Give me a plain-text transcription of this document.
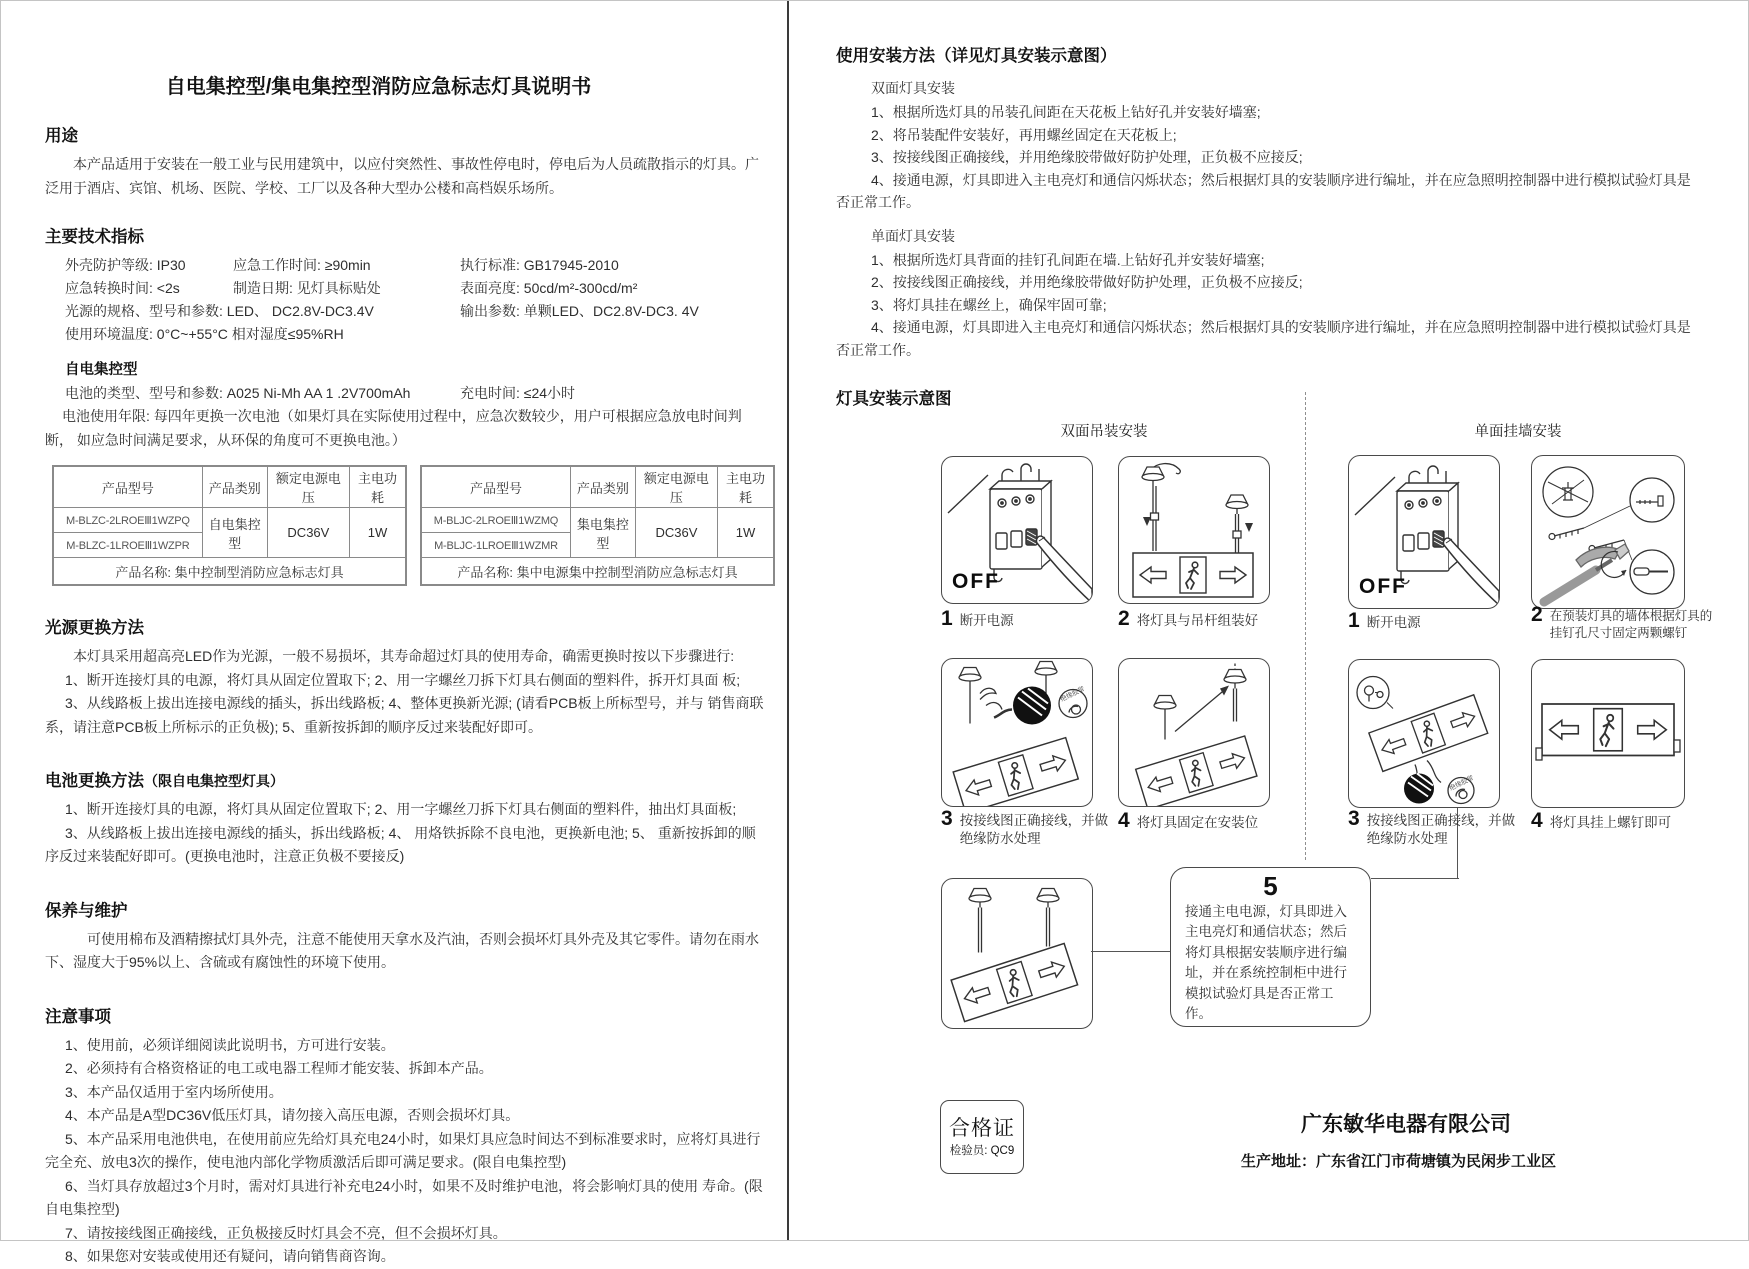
自电集控型/集电集控型消防应急标志灯具说明书
用途

本产品适用于安装在一般工业与民用建筑中，以应付突然性、事故性停电时，停电后为人员疏散指示的灯具。广泛用于酒店、宾馆、机场、医院、学校、工厂以及各种大型办公楼和高档娱乐场所。

主要技术指标
外壳防护等级: IP30	应急工作时间: ≥90min	执行标准: GB17945-2010
应急转换时间: <2s	制造日期: 见灯具标贴处	表面亮度: 50cd/m²-300cd/m²
光源的规格、型号和参数: LED、 DC2.8V-DC3.4V	输出参数: 单颗LED、DC2.8V-DC3. 4V
使用环境温度: 0°C~+55°C 相对湿度≤95%RH
自电集控型
电池的类型、型号和参数: A025 Ni-Mh AA 1 .2V700mAh	充电时间: ≤24小时

电池使用年限: 每四年更换一次电池（如果灯具在实际使用过程中，应急次数较少，用户可根据应急放电时间判断， 如应急时间满足要求，从环保的角度可不更换电池。）

产品型号	产品类别	额定电源电压	主电功耗
M-BLZC-2LROEⅢ1WZPQ	自电集控型	DC36V	1W
M-BLZC-1LROEⅢ1WZPR			
产品名称: 集中控制型消防应急标志灯具			
产品型号	产品类别	额定电源电压	主电功耗
M-BLJC-2LROEⅢ1WZMQ	集电集控型	DC36V	1W
M-BLJC-1LROEⅢ1WZMR			
产品名称: 集中电源集中控制型消防应急标志灯具			
光源更换方法

本灯具采用超高亮LED作为光源，一般不易损坏，其寿命超过灯具的使用寿命，确需更换时按以下步骤进行:

1、断开连接灯具的电源，将灯具从固定位置取下; 2、用一字螺丝刀拆下灯具右侧面的塑料件，拆开灯具面 板;

3、从线路板上拔出连接电源线的插头，拆出线路板; 4、整体更换新光源; (请看PCB板上所标型号，并与 销售商联系，请注意PCB板上所标示的正负极); 5、重新按拆卸的顺序反过来装配好即可。

电池更换方法（限自电集控型灯具）

1、断开连接灯具的电源，将灯具从固定位置取下; 2、用一字螺丝刀拆下灯具右侧面的塑料件，抽出灯具面板;

3、从线路板上拔出连接电源线的插头，拆出线路板; 4、 用烙铁拆除不良电池，更换新电池; 5、 重新按拆卸的顺序反过来装配好即可。(更换电池时，注意正负极不要接反)

保养与维护

可使用棉布及酒精擦拭灯具外壳，注意不能使用天拿水及汽油，否则会损坏灯具外壳及其它零件。请勿在雨水下、湿度大于95%以上、含硫或有腐蚀性的环境下使用。

注意事项

1、使用前，必须详细阅读此说明书，方可进行安装。

2、必须持有合格资格证的电工或电器工程师才能安装、拆卸本产品。

3、本产品仅适用于室内场所使用。

4、本产品是A型DC36V低压灯具，请勿接入高压电源，否则会损坏灯具。

5、本产品采用电池供电，在使用前应先给灯具充电24小时，如果灯具应急时间达不到标准要求时，应将灯具进行完全充、放电3次的操作，使电池内部化学物质激活后即可满足要求。(限自电集控型)

6、当灯具存放超过3个月时，需对灯具进行补充电24小时，如果不及时维护电池，将会影响灯具的使用 寿命。(限自电集控型)

7、请按接线图正确接线，正负极接反时灯具会不亮，但不会损坏灯具。

8、如果您对安装或使用还有疑问，请向销售商咨询。

使用安装方法（详见灯具安装示意图）
双面灯具安装

1、根据所选灯具的吊装孔间距在天花板上钻好孔并安装好墙塞;

2、将吊装配件安装好，再用螺丝固定在天花板上;

3、按接线图正确接线，并用绝缘胶带做好防护处理，正负极不应接反;

4、接通电源，灯具即进入主电亮灯和通信闪烁状态；然后根据灯具的安装顺序进行编址，并在应急照明控制器中进行模拟试验灯具是否正常工作。

单面灯具安装

1、根据所选灯具背面的挂钉孔间距在墙.上钻好孔并安装好墙塞;

2、按接线图正确接线，并用绝缘胶带做好防护处理，正负极不应接反;

3、将灯具挂在螺丝上，确保牢固可靠;

4、接通电源，灯具即进入主电亮灯和通信闪烁状态；然后根据灯具的安装顺序进行编址，并在应急照明控制器中进行模拟试验灯具是否正常工作。

灯具安装示意图
双面吊装安装	单面挂墙安装
OFF
1 断开电源	2 将灯具与吊杆组装好
绝缘胶带
3 按接线图正确接线，并做绝缘防水处理
4 将灯具固定在安装位
5

接通主电电源，灯具即进入主电亮灯和通信状态；然后将灯具根据安装顺序进行编址，并在系统控制柜中进行模拟试验灯具是否正常工作。

OFF
1 断开电源	2 在预装灯具的墙体根据灯具的挂钉孔尺寸固定两颗螺钉
绝缘胶带
3 按接线图正确接线，并做绝缘防水处理
4 将灯具挂上螺钉即可
合格证
检验员: QC9
广东敏华电器有限公司
生产地址：广东省江门市荷塘镇为民闲步工业区
